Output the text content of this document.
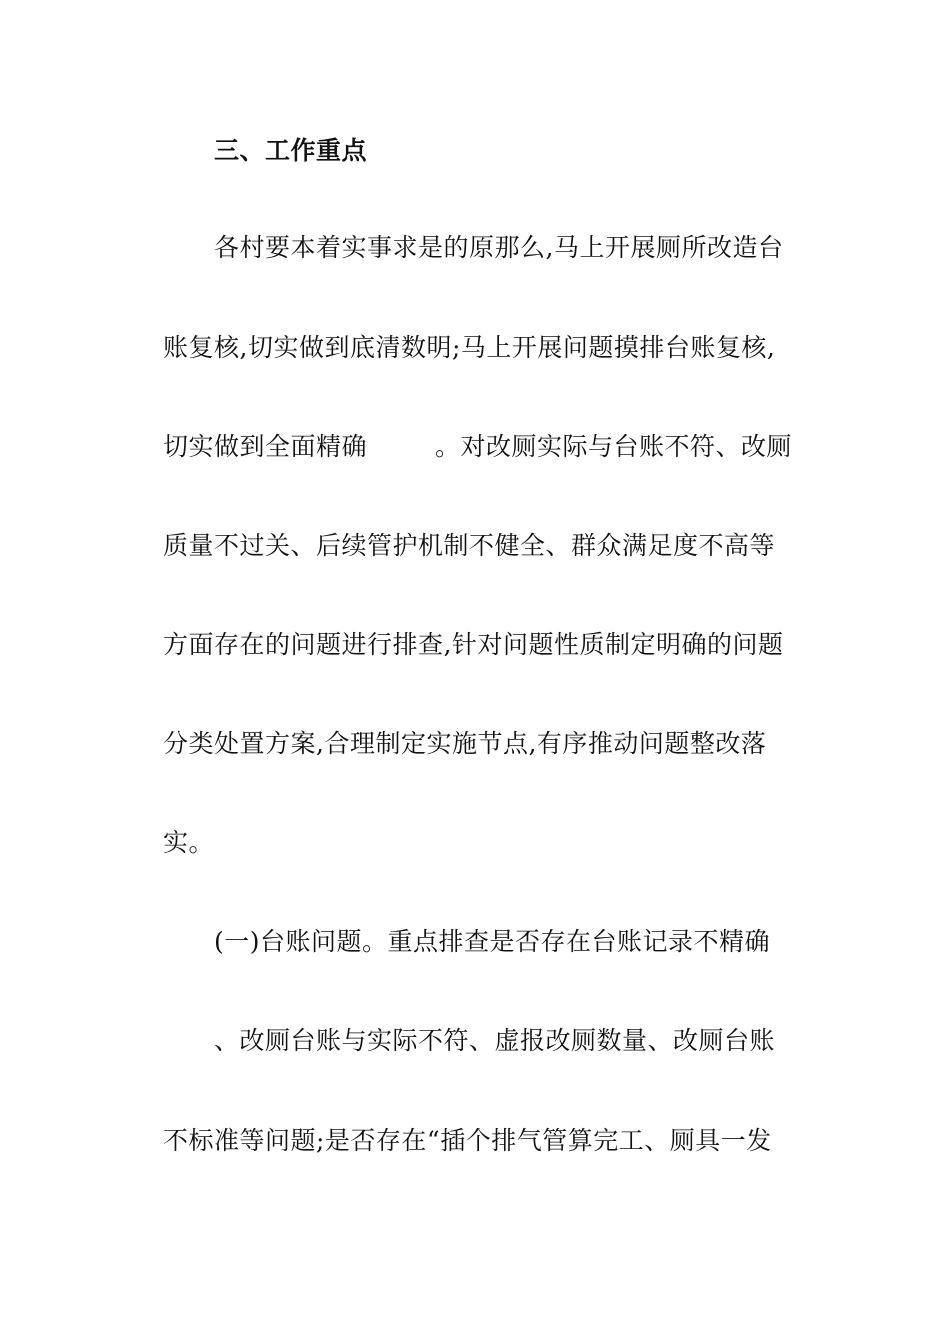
三、工作重点
各村要本着实事求是的原那么,马上开展厕所改造台
账复核,切实做到底清数明;马上开展问题摸排台账复核,
切实做到全面精确	。对改厕实际与台账不符、改厕
质量不过关、后续管护机制不健全、群众满足度不高等
方面存在的问题进行排查,针对问题性质制定明确的问题
分类处置方案,合理制定实施节点,有序推动问题整改落
实。
(一)台账问题。重点排查是否存在台账记录不精确
、改厕台账与实际不符、虚报改厕数量、改厕台账
不标准等问题;是否存在“插个排气管算完工、厕具一发
